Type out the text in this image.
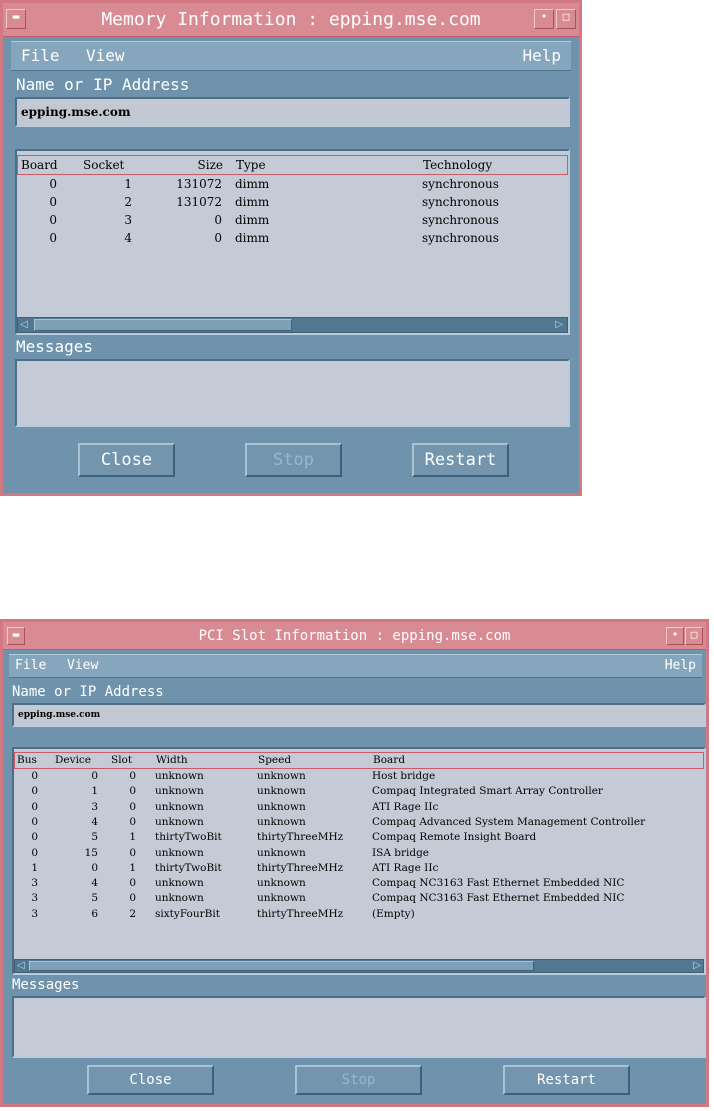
▬	Memory Information : epping.mse.com	•	□
File View	Help
Name or IP Address
epping.mse.com
Board Socket	Size Type	Technology
0	1	131072 dimm	synchronous
0	2	131072 dimm	synchronous
0	3	0 dimm	synchronous
0	4	0 dimm	synchronous
◁	▷
Messages
Close	Stop	Restart
▬	PCI Slot Information : epping.mse.com	•	□
File View	Help
Name or IP Address
epping.mse.com
Bus Device Slot Width	Speed	Board
0	0	0 unknown	unknown	Host bridge
0	1	0 unknown	unknown	Compaq Integrated Smart Array Controller
0	3	0 unknown	unknown	ATI Rage IIc
0	4	0 unknown	unknown	Compaq Advanced System Management Controller
0	5	1 thirtyTwoBit	thirtyThreeMHz	Compaq Remote Insight Board
0	15	0 unknown	unknown	ISA bridge
1	0	1 thirtyTwoBit	thirtyThreeMHz	ATI Rage IIc
3	4	0 unknown	unknown	Compaq NC3163 Fast Ethernet Embedded NIC
3	5	0 unknown	unknown	Compaq NC3163 Fast Ethernet Embedded NIC
3	6	2 sixtyFourBit	thirtyThreeMHz	(Empty)
◁	▷
Messages
Close	Stop	Restart
